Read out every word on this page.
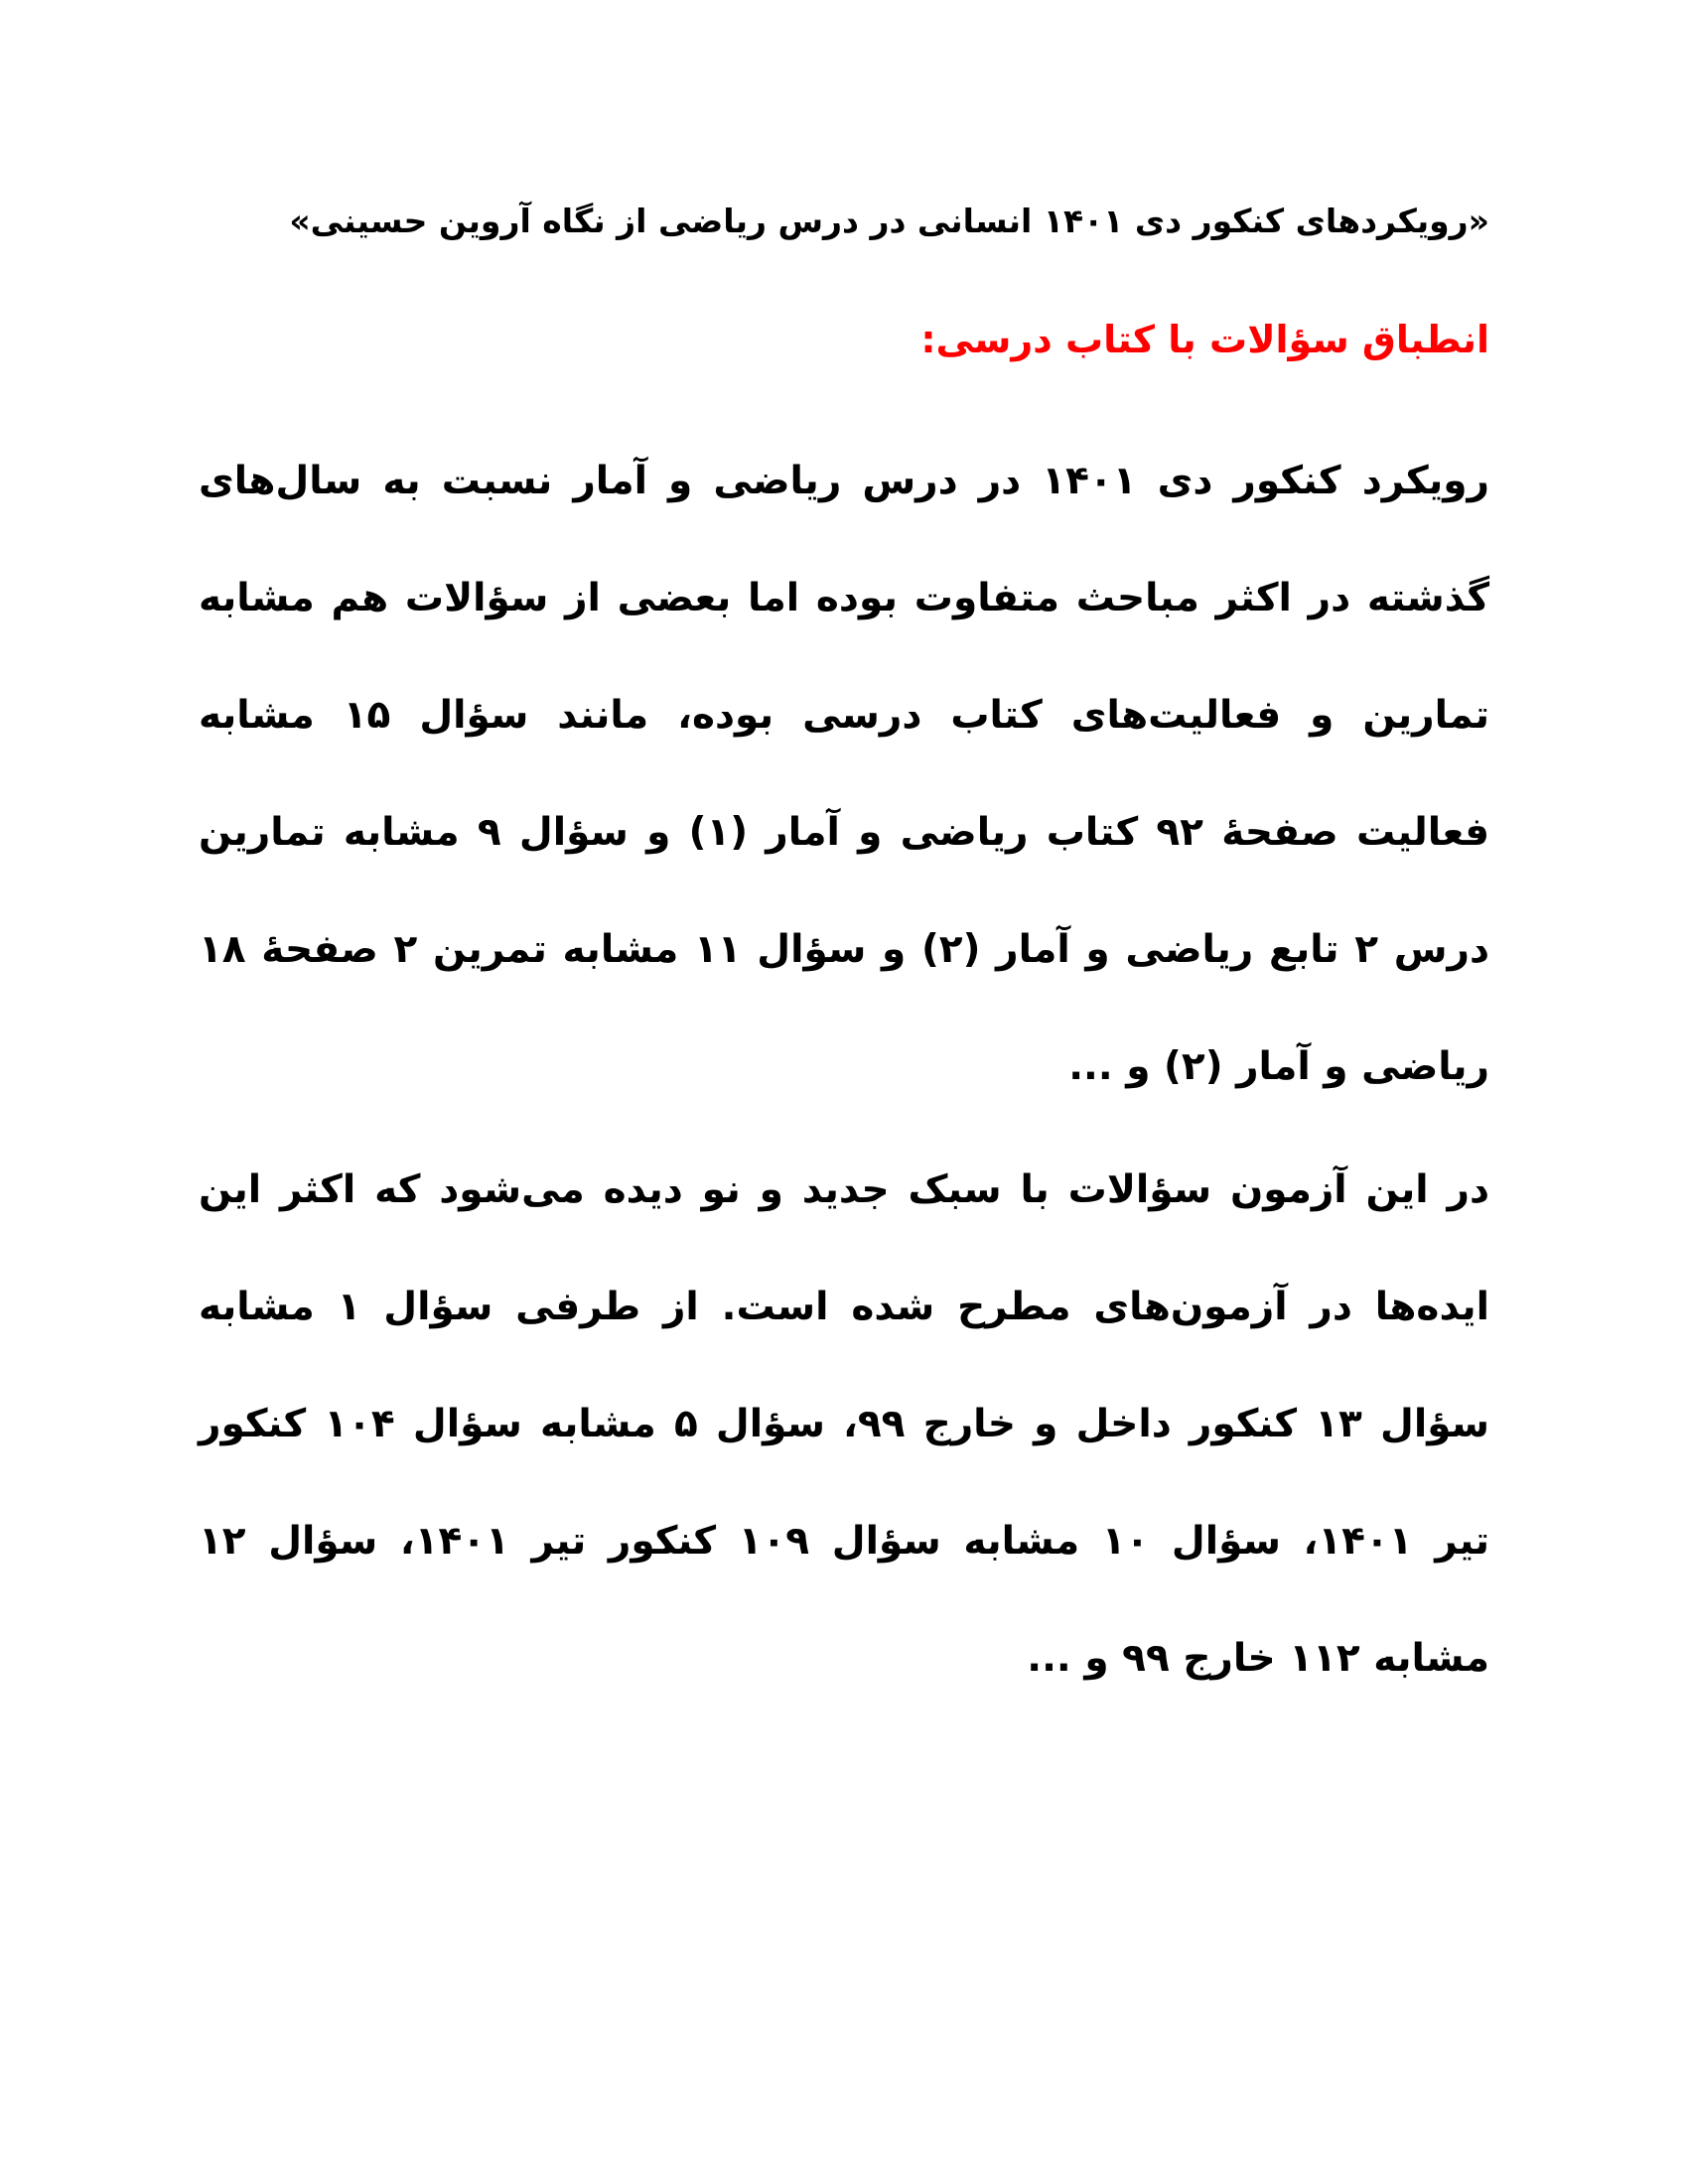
«رویکردهای کنکور دی ۱۴۰۱ انسانی در درس ریاضی از نگاه آروین حسینی»
انطباق سؤالات با کتاب درسی:

رویکرد کنکور دی ۱۴۰۱ در درس ریاضی و آمار نسبت به سال‌های گذشته در اکثر مباحث متفاوت بوده اما بعضی از سؤالات هم مشابه تمارین و فعالیت‌های کتاب درسی بوده، مانند سؤال ۱۵ مشابه فعالیت صفحهٔ ۹۲ کتاب ریاضی و آمار (۱) و سؤال ۹ مشابه تمارین درس ۲ تابع ریاضی و آمار (۲) و سؤال ۱۱ مشابه تمرین ۲ صفحهٔ ۱۸ ریاضی و آمار (۲) و ...

در این آزمون سؤالات با سبک جدید و نو دیده می‌شود که اکثر این ایده‌ها در آزمون‌های مطرح شده است. از طرفی سؤال ۱ مشابه سؤال ۱۳ کنکور داخل و خارج ۹۹، سؤال ۵ مشابه سؤال ۱۰۴ کنکور تیر ۱۴۰۱، سؤال ۱۰ مشابه سؤال ۱۰۹ کنکور تیر ۱۴۰۱، سؤال ۱۲ مشابه ۱۱۲ خارج ۹۹ و ...
